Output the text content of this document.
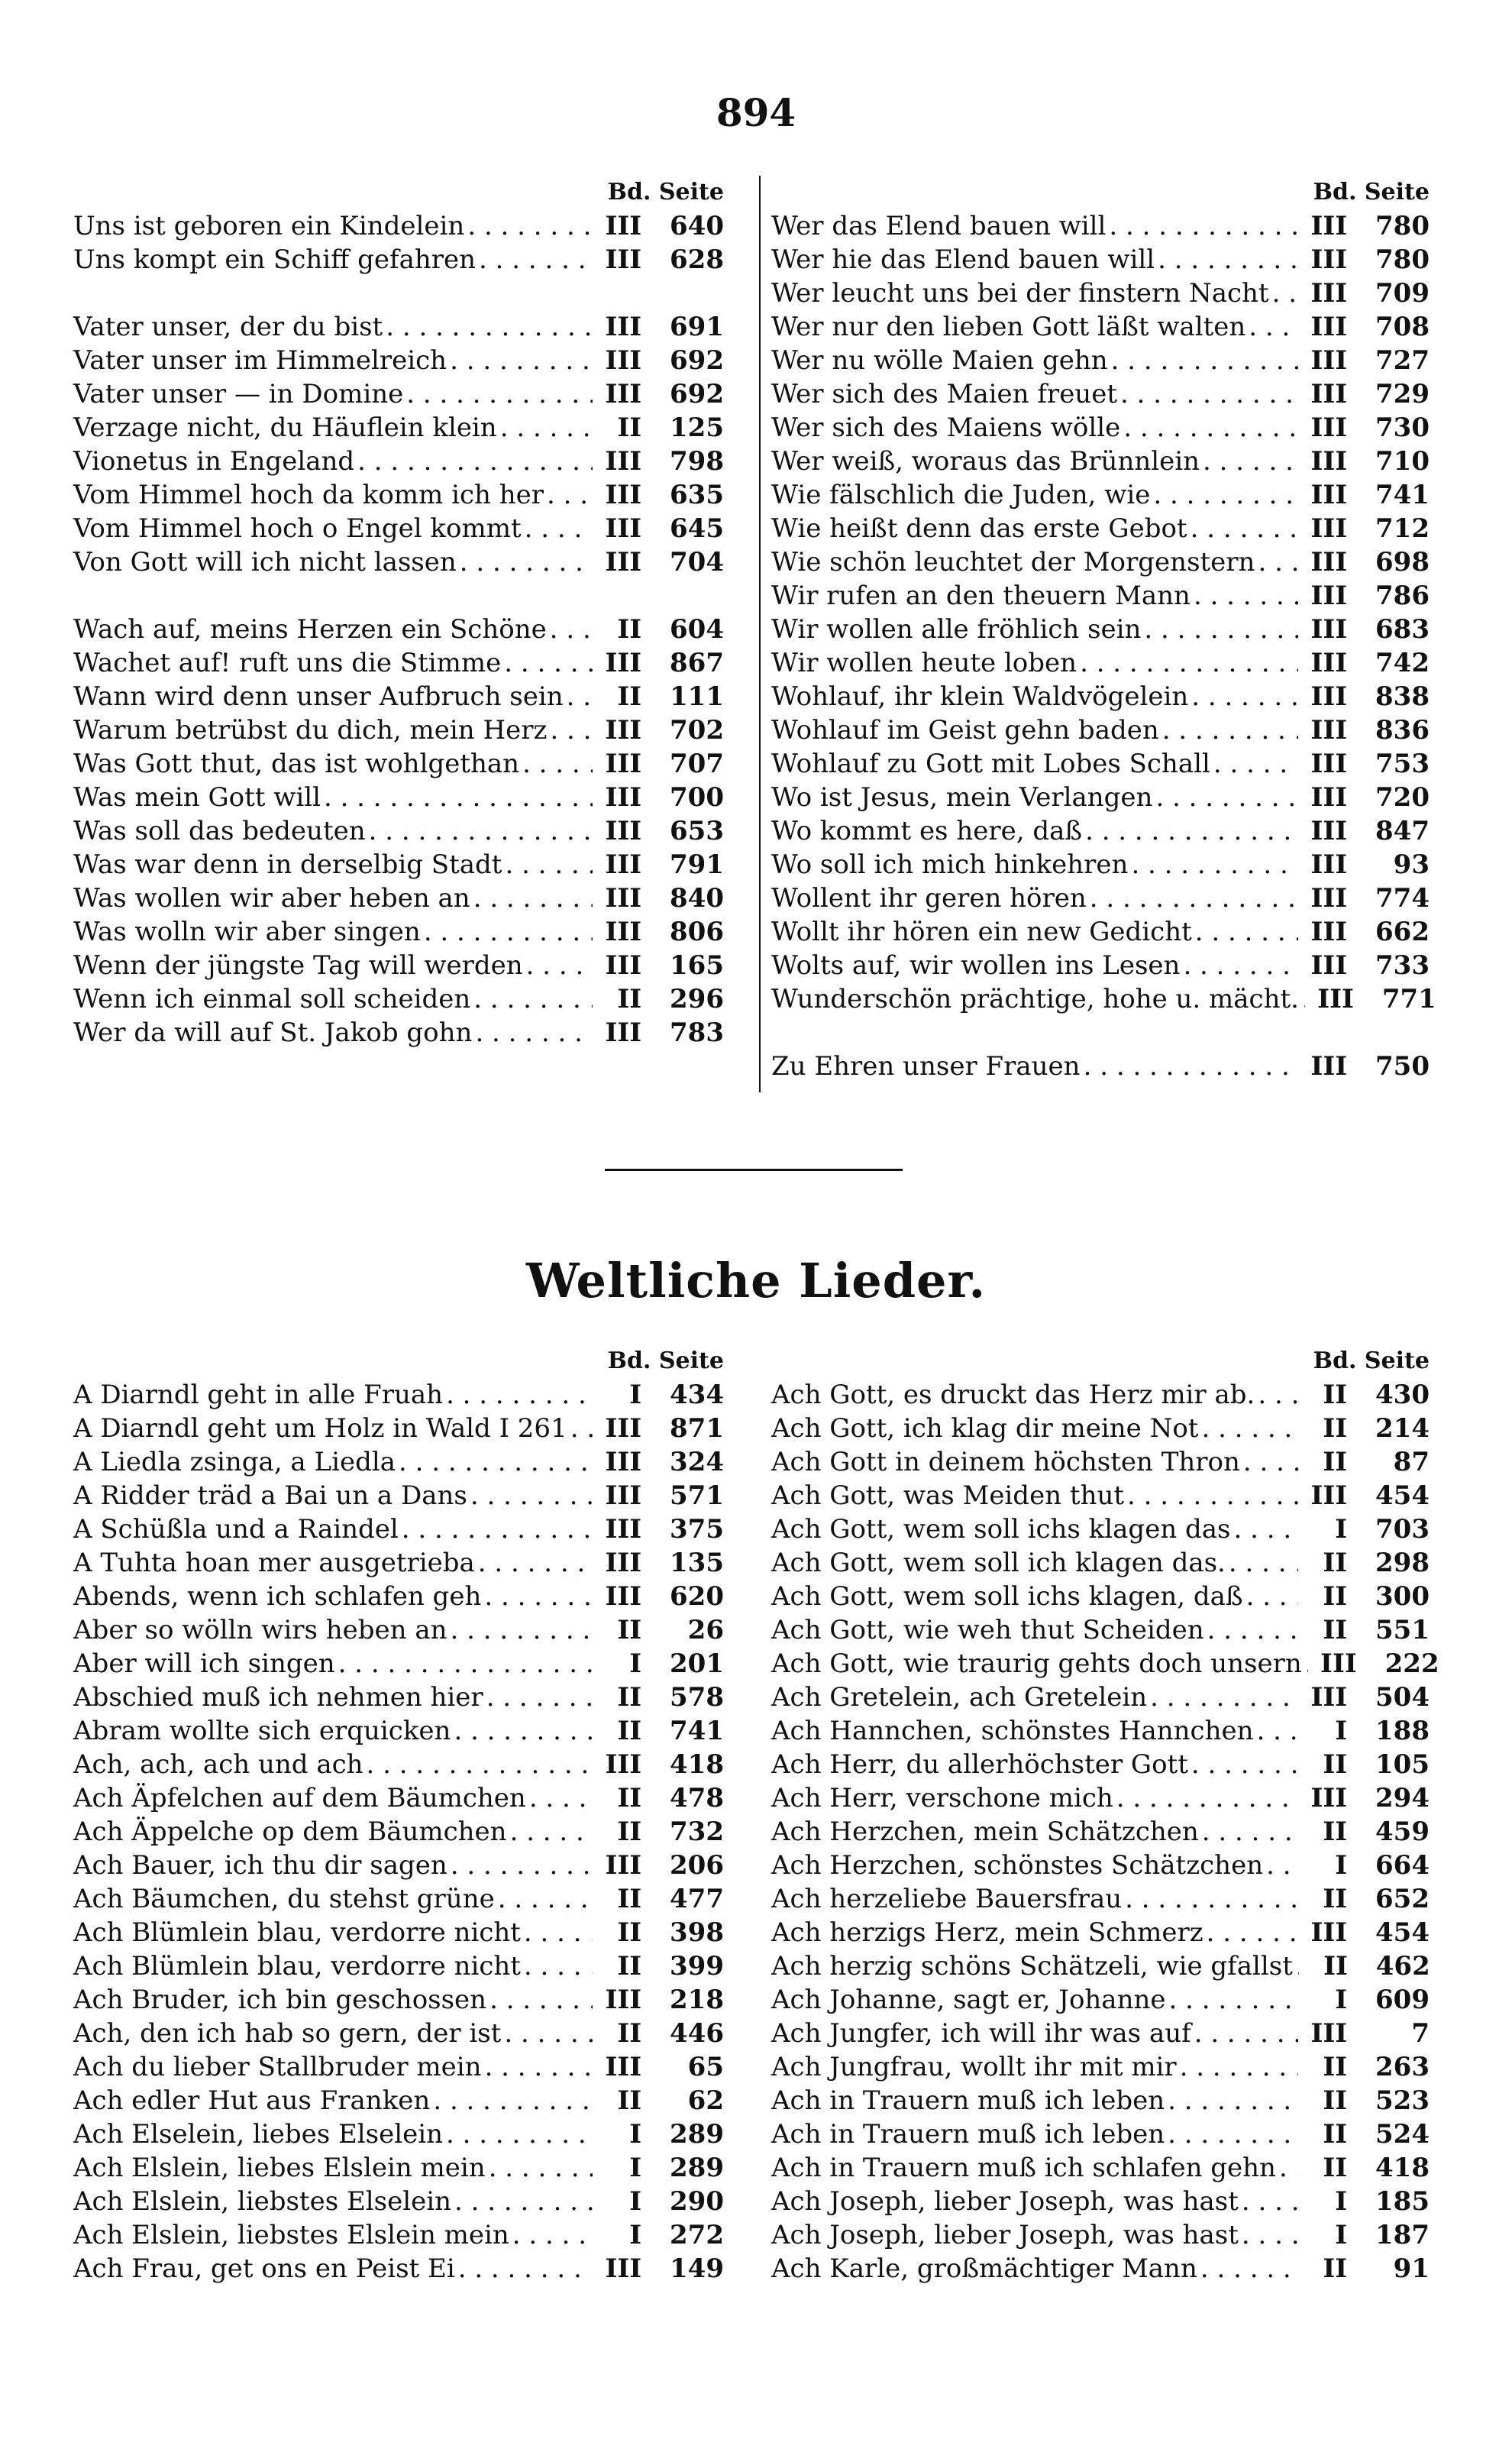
894
Bd. Seite
Uns ist geboren ein Kindelein . . .	III 640
Uns kompt ein Schiff gefahren . . .	III 628
Vater unser, der du bist . . .	III 691
Vater unser im Himmelreich . . .	III 692
Vater unser — in Domine . . .	III 692
Verzage nicht, du Häuflein klein . . .	II 125
Vionetus in Engeland . . .	III 798
Vom Himmel hoch da komm ich her . . .	III 635
Vom Himmel hoch o Engel kommt . . .	III 645
Von Gott will ich nicht lassen . . .	III 704
Wach auf, meins Herzen ein Schöne . . .	II 604
Wachet auf! ruft uns die Stimme . . .	III 867
Wann wird denn unser Aufbruch sein . . .	II 111
Warum betrübst du dich, mein Herz . . .	III 702
Was Gott thut, das ist wohlgethan . . .	III 707
Was mein Gott will . . .	III 700
Was soll das bedeuten . . .	III 653
Was war denn in derselbig Stadt . . .	III 791
Was wollen wir aber heben an . . .	III 840
Was wolln wir aber singen . . .	III 806
Wenn der jüngste Tag will werden . . .	III 165
Wenn ich einmal soll scheiden . . .	II 296
Wer da will auf St. Jakob gohn . . .	III 783
Bd. Seite
Wer das Elend bauen will . . .	III 780
Wer hie das Elend bauen will . . .	III 780
Wer leucht uns bei der finstern Nacht . . .	III 709
Wer nur den lieben Gott läßt walten . . .	III 708
Wer nu wölle Maien gehn . . .	III 727
Wer sich des Maien freuet . . .	III 729
Wer sich des Maiens wölle . . .	III 730
Wer weiß, woraus das Brünnlein . . .	III 710
Wie fälschlich die Juden, wie . . .	III 741
Wie heißt denn das erste Gebot . . .	III 712
Wie schön leuchtet der Morgenstern . . .	III 698
Wir rufen an den theuern Mann . . .	III 786
Wir wollen alle fröhlich sein . . .	III 683
Wir wollen heute loben . . .	III 742
Wohlauf, ihr klein Waldvögelein . . .	III 838
Wohlauf im Geist gehn baden . . .	III 836
Wohlauf zu Gott mit Lobes Schall . . .	III 753
Wo ist Jesus, mein Verlangen . . .	III 720
Wo kommt es here, daß . . .	III 847
Wo soll ich mich hinkehren . . .	III 93
Wollent ihr geren hören . . .	III 774
Wollt ihr hören ein new Gedicht . . .	III 662
Wolts auf, wir wollen ins Lesen . . .	III 733
Wunderschön prächtige, hohe u. mächt. . . . III 771
Zu Ehren unser Frauen . . .	III 750
Weltliche Lieder.
Bd. Seite
A Diarndl geht in alle Fruah . . .	I 434
A Diarndl geht um Holz in Wald I 261 . . .	III 871
A Liedla zsinga, a Liedla . . .	III 324
A Ridder träd a Bai un a Dans . . .	III 571
A Schüßla und a Raindel . . .	III 375
A Tuhta hoan mer ausgetrieba . . .	III 135
Abends, wenn ich schlafen geh . . .	III 620
Aber so wölln wirs heben an . . .	II 26
Aber will ich singen . . .	I 201
Abschied muß ich nehmen hier . . .	II 578
Abram wollte sich erquicken . . .	II 741
Ach, ach, ach und ach . . .	III 418
Ach Äpfelchen auf dem Bäumchen . . .	II 478
Ach Äppelche op dem Bäumchen . . .	II 732
Ach Bauer, ich thu dir sagen . . .	III 206
Ach Bäumchen, du stehst grüne . . .	II 477
Ach Blümlein blau, verdorre nicht . . .	II 398
Ach Blümlein blau, verdorre nicht . . .	II 399
Ach Bruder, ich bin geschossen . . .	III 218
Ach, den ich hab so gern, der ist . . .	II 446
Ach du lieber Stallbruder mein . . .	III 65
Ach edler Hut aus Franken . . .	II 62
Ach Elselein, liebes Elselein . . .	I 289
Ach Elslein, liebes Elslein mein . . .	I 289
Ach Elslein, liebstes Elselein . . .	I 290
Ach Elslein, liebstes Elslein mein . . .	I 272
Ach Frau, get ons en Peist Ei . . .	III 149
Bd. Seite
Ach Gott, es druckt das Herz mir ab. . . .	II 430
Ach Gott, ich klag dir meine Not . . .	II 214
Ach Gott in deinem höchsten Thron . . .	II 87
Ach Gott, was Meiden thut . . .	III 454
Ach Gott, wem soll ichs klagen das . . .	I 703
Ach Gott, wem soll ich klagen das. . . .	II 298
Ach Gott, wem soll ichs klagen, daß . . .	II 300
Ach Gott, wie weh thut Scheiden . . .	II 551
Ach Gott, wie traurig gehts doch unsern . . . III 222
Ach Gretelein, ach Gretelein . . .	III 504
Ach Hannchen, schönstes Hannchen . . .	I 188
Ach Herr, du allerhöchster Gott . . .	II 105
Ach Herr, verschone mich . . .	III 294
Ach Herzchen, mein Schätzchen . . .	II 459
Ach Herzchen, schönstes Schätzchen . . .	I 664
Ach herzeliebe Bauersfrau . . .	II 652
Ach herzigs Herz, mein Schmerz . . .	III 454
Ach herzig schöns Schätzeli, wie gfallst . . .	II 462
Ach Johanne, sagt er, Johanne . . .	I 609
Ach Jungfer, ich will ihr was auf . . .	III 7
Ach Jungfrau, wollt ihr mit mir . . .	II 263
Ach in Trauern muß ich leben . . .	II 523
Ach in Trauern muß ich leben . . .	II 524
Ach in Trauern muß ich schlafen gehn . . .	II 418
Ach Joseph, lieber Joseph, was hast . . .	I 185
Ach Joseph, lieber Joseph, was hast . . .	I 187
Ach Karle, großmächtiger Mann . . .	II 91
